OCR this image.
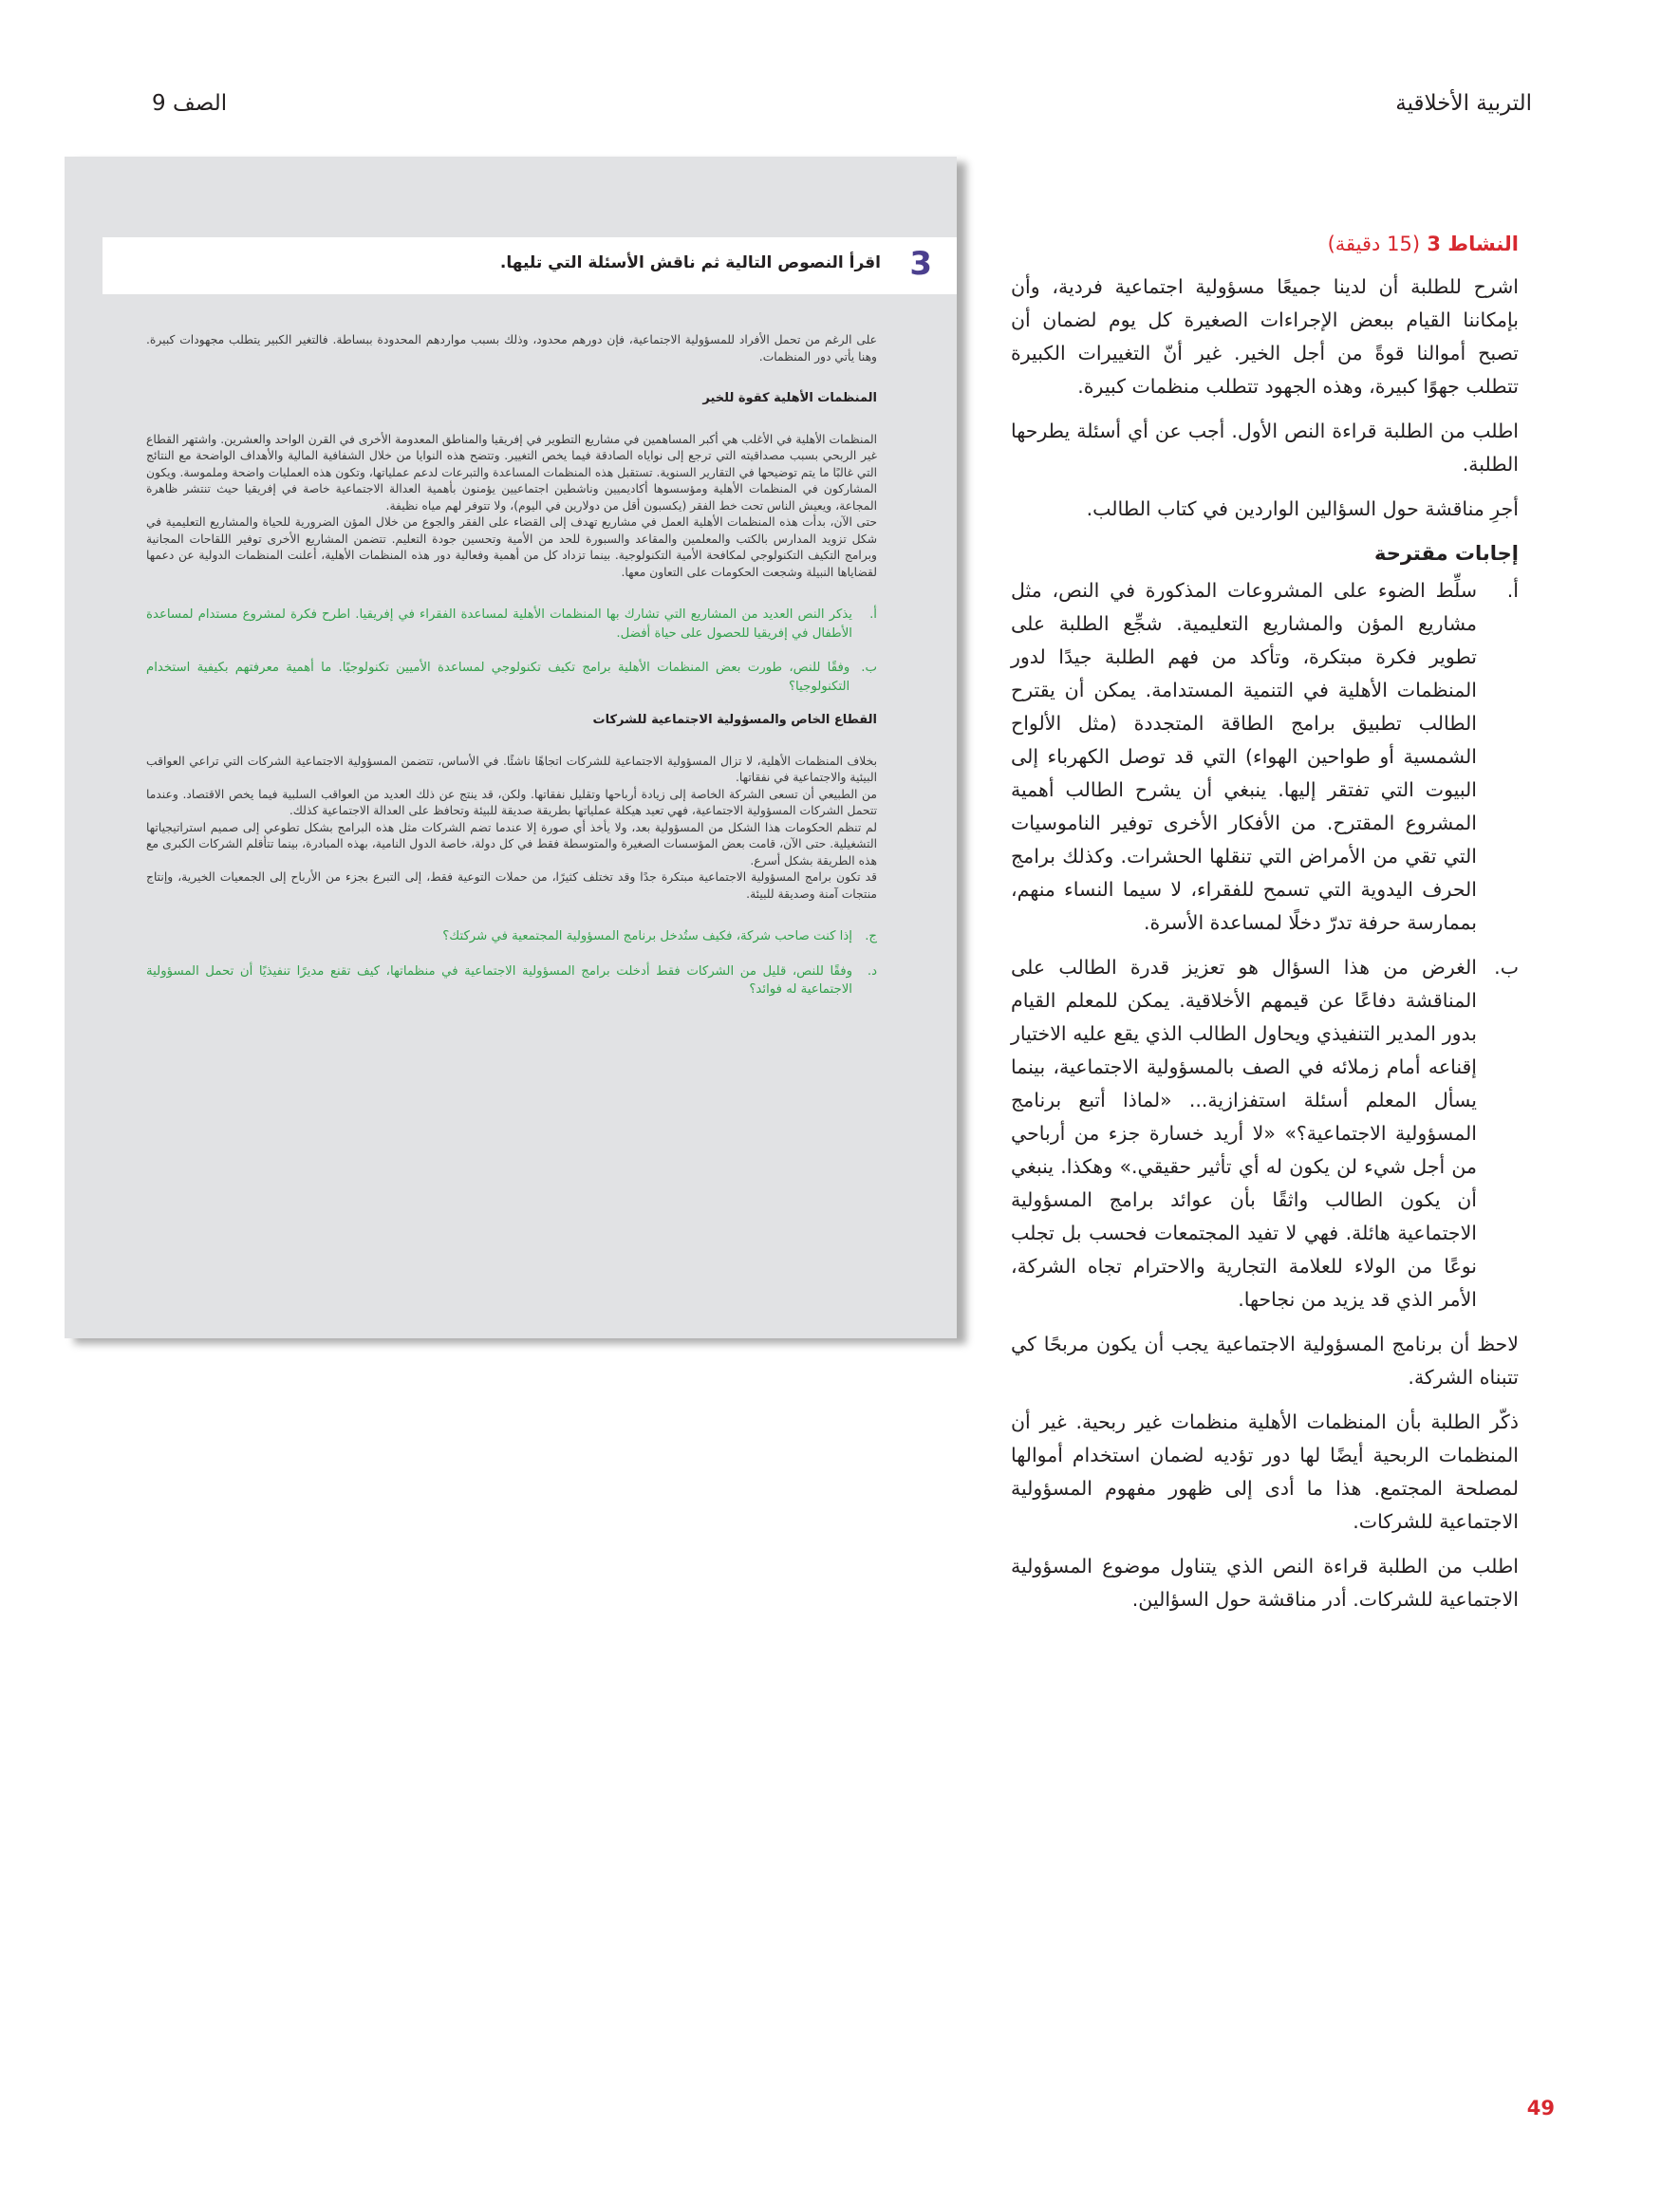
التربية الأخلاقية
الصف 9
3
اقرأ النصوص التالية ثم ناقش الأسئلة التي تليها.

على الرغم من تحمل الأفراد للمسؤولية الاجتماعية، فإن دورهم محدود، وذلك بسبب مواردهم المحدودة ببساطة. فالتغير الكبير يتطلب مجهودات كبيرة. وهنا يأتي دور المنظمات.

المنظمات الأهلية كقوة للخير

المنظمات الأهلية في الأغلب هي أكبر المساهمين في مشاريع التطوير في إفريقيا والمناطق المعدومة الأخرى في القرن الواحد والعشرين. واشتهر القطاع غير الربحي بسبب مصداقيته التي ترجع إلى نواياه الصادقة فيما يخص التغيير. وتتضح هذه النوايا من خلال الشفافية المالية والأهداف الواضحة مع النتائج التي غالبًا ما يتم توضيحها في التقارير السنوية. تستقبل هذه المنظمات المساعدة والتبرعات لدعم عملياتها، وتكون هذه العمليات واضحة وملموسة. ويكون المشاركون في المنظمات الأهلية ومؤسسوها أكاديميين وناشطين اجتماعيين يؤمنون بأهمية العدالة الاجتماعية خاصة في إفريقيا حيث تنتشر ظاهرة المجاعة، ويعيش الناس تحت خط الفقر (يكسبون أقل من دولارين في اليوم)، ولا تتوفر لهم مياه نظيفة.

حتى الآن، بدأت هذه المنظمات الأهلية العمل في مشاريع تهدف إلى القضاء على الفقر والجوع من خلال المؤن الضرورية للحياة والمشاريع التعليمية في شكل تزويد المدارس بالكتب والمعلمين والمقاعد والسبورة للحد من الأمية وتحسين جودة التعليم. تتضمن المشاريع الأخرى توفير اللقاحات المجانية وبرامج التكيف التكنولوجي لمكافحة الأمية التكنولوجية. بينما تزداد كل من أهمية وفعالية دور هذه المنظمات الأهلية، أعلنت المنظمات الدولية عن دعمها لقضاياها النبيلة وشجعت الحكومات على التعاون معها.

أ.
يذكر النص العديد من المشاريع التي تشارك بها المنظمات الأهلية لمساعدة الفقراء في إفريقيا. اطرح فكرة لمشروع مستدام لمساعدة الأطفال في إفريقيا للحصول على حياة أفضل.
ب.
وفقًا للنص، طورت بعض المنظمات الأهلية برامج تكيف تكنولوجي لمساعدة الأميين تكنولوجيًا. ما أهمية معرفتهم بكيفية استخدام التكنولوجيا؟
القطاع الخاص والمسؤولية الاجتماعية للشركات

بخلاف المنظمات الأهلية، لا تزال المسؤولية الاجتماعية للشركات اتجاهًا ناشئًا. في الأساس، تتضمن المسؤولية الاجتماعية الشركات التي تراعي العواقب البيئية والاجتماعية في نفقاتها.

من الطبيعي أن تسعى الشركة الخاصة إلى زيادة أرباحها وتقليل نفقاتها. ولكن، قد ينتج عن ذلك العديد من العواقب السلبية فيما يخص الاقتصاد. وعندما تتحمل الشركات المسؤولية الاجتماعية، فهي تعيد هيكلة عملياتها بطريقة صديقة للبيئة وتحافظ على العدالة الاجتماعية كذلك.

لم تنظم الحكومات هذا الشكل من المسؤولية بعد، ولا يأخذ أي صورة إلا عندما تضم الشركات مثل هذه البرامج بشكل تطوعي إلى صميم استراتيجياتها التشغيلية. حتى الآن، قامت بعض المؤسسات الصغيرة والمتوسطة فقط في كل دولة، خاصة الدول النامية، بهذه المبادرة، بينما تتأقلم الشركات الكبرى مع هذه الطريقة بشكل أسرع.

قد تكون برامج المسؤولية الاجتماعية مبتكرة جدًا وقد تختلف كثيرًا، من حملات التوعية فقط، إلى التبرع بجزء من الأرباح إلى الجمعيات الخيرية، وإنتاج منتجات آمنة وصديقة للبيئة.

ج.
إذا كنت صاحب شركة، فكيف ستُدخل برنامج المسؤولية المجتمعية في شركتك؟
د.
وفقًا للنص، قليل من الشركات فقط أدخلت برامج المسؤولية الاجتماعية في منظماتها، كيف تقنع مديرًا تنفيذيًا أن تحمل المسؤولية الاجتماعية له فوائد؟
النشاط 3 (15 دقيقة)

اشرح للطلبة أن لدينا جميعًا مسؤولية اجتماعية فردية، وأن بإمكاننا القيام ببعض الإجراءات الصغيرة كل يوم لضمان أن تصبح أموالنا قوةً من أجل الخير. غير أنّ التغييرات الكبيرة تتطلب جهوًا كبيرة، وهذه الجهود تتطلب منظمات كبيرة.

اطلب من الطلبة قراءة النص الأول. أجب عن أي أسئلة يطرحها الطلبة.

أجرِ مناقشة حول السؤالين الواردين في كتاب الطالب.

إجابات مقترحة
أ.
سلِّط الضوء على المشروعات المذكورة في النص، مثل مشاريع المؤن والمشاريع التعليمية. شجِّع الطلبة على تطوير فكرة مبتكرة، وتأكد من فهم الطلبة جيدًا لدور المنظمات الأهلية في التنمية المستدامة. يمكن أن يقترح الطالب تطبيق برامج الطاقة المتجددة (مثل الألواح الشمسية أو طواحين الهواء) التي قد توصل الكهرباء إلى البيوت التي تفتقر إليها. ينبغي أن يشرح الطالب أهمية المشروع المقترح. من الأفكار الأخرى توفير الناموسيات التي تقي من الأمراض التي تنقلها الحشرات. وكذلك برامج الحرف اليدوية التي تسمح للفقراء، لا سيما النساء منهم، بممارسة حرفة تدرّ دخلًا لمساعدة الأسرة.
ب.
الغرض من هذا السؤال هو تعزيز قدرة الطالب على المناقشة دفاعًا عن قيمهم الأخلاقية. يمكن للمعلم القيام بدور المدير التنفيذي ويحاول الطالب الذي يقع عليه الاختيار إقناعه أمام زملائه في الصف بالمسؤولية الاجتماعية، بينما يسأل المعلم أسئلة استفزازية... «لماذا أتبع برنامج المسؤولية الاجتماعية؟» «لا أريد خسارة جزء من أرباحي من أجل شيء لن يكون له أي تأثير حقيقي.» وهكذا. ينبغي أن يكون الطالب واثقًا بأن عوائد برامج المسؤولية الاجتماعية هائلة. فهي لا تفيد المجتمعات فحسب بل تجلب نوعًا من الولاء للعلامة التجارية والاحترام تجاه الشركة، الأمر الذي قد يزيد من نجاحها.

لاحظ أن برنامج المسؤولية الاجتماعية يجب أن يكون مربحًا كي تتبناه الشركة.

ذكّر الطلبة بأن المنظمات الأهلية منظمات غير ربحية. غير أن المنظمات الربحية أيضًا لها دور تؤديه لضمان استخدام أموالها لمصلحة المجتمع. هذا ما أدى إلى ظهور مفهوم المسؤولية الاجتماعية للشركات.

اطلب من الطلبة قراءة النص الذي يتناول موضوع المسؤولية الاجتماعية للشركات. أدر مناقشة حول السؤالين.

49
